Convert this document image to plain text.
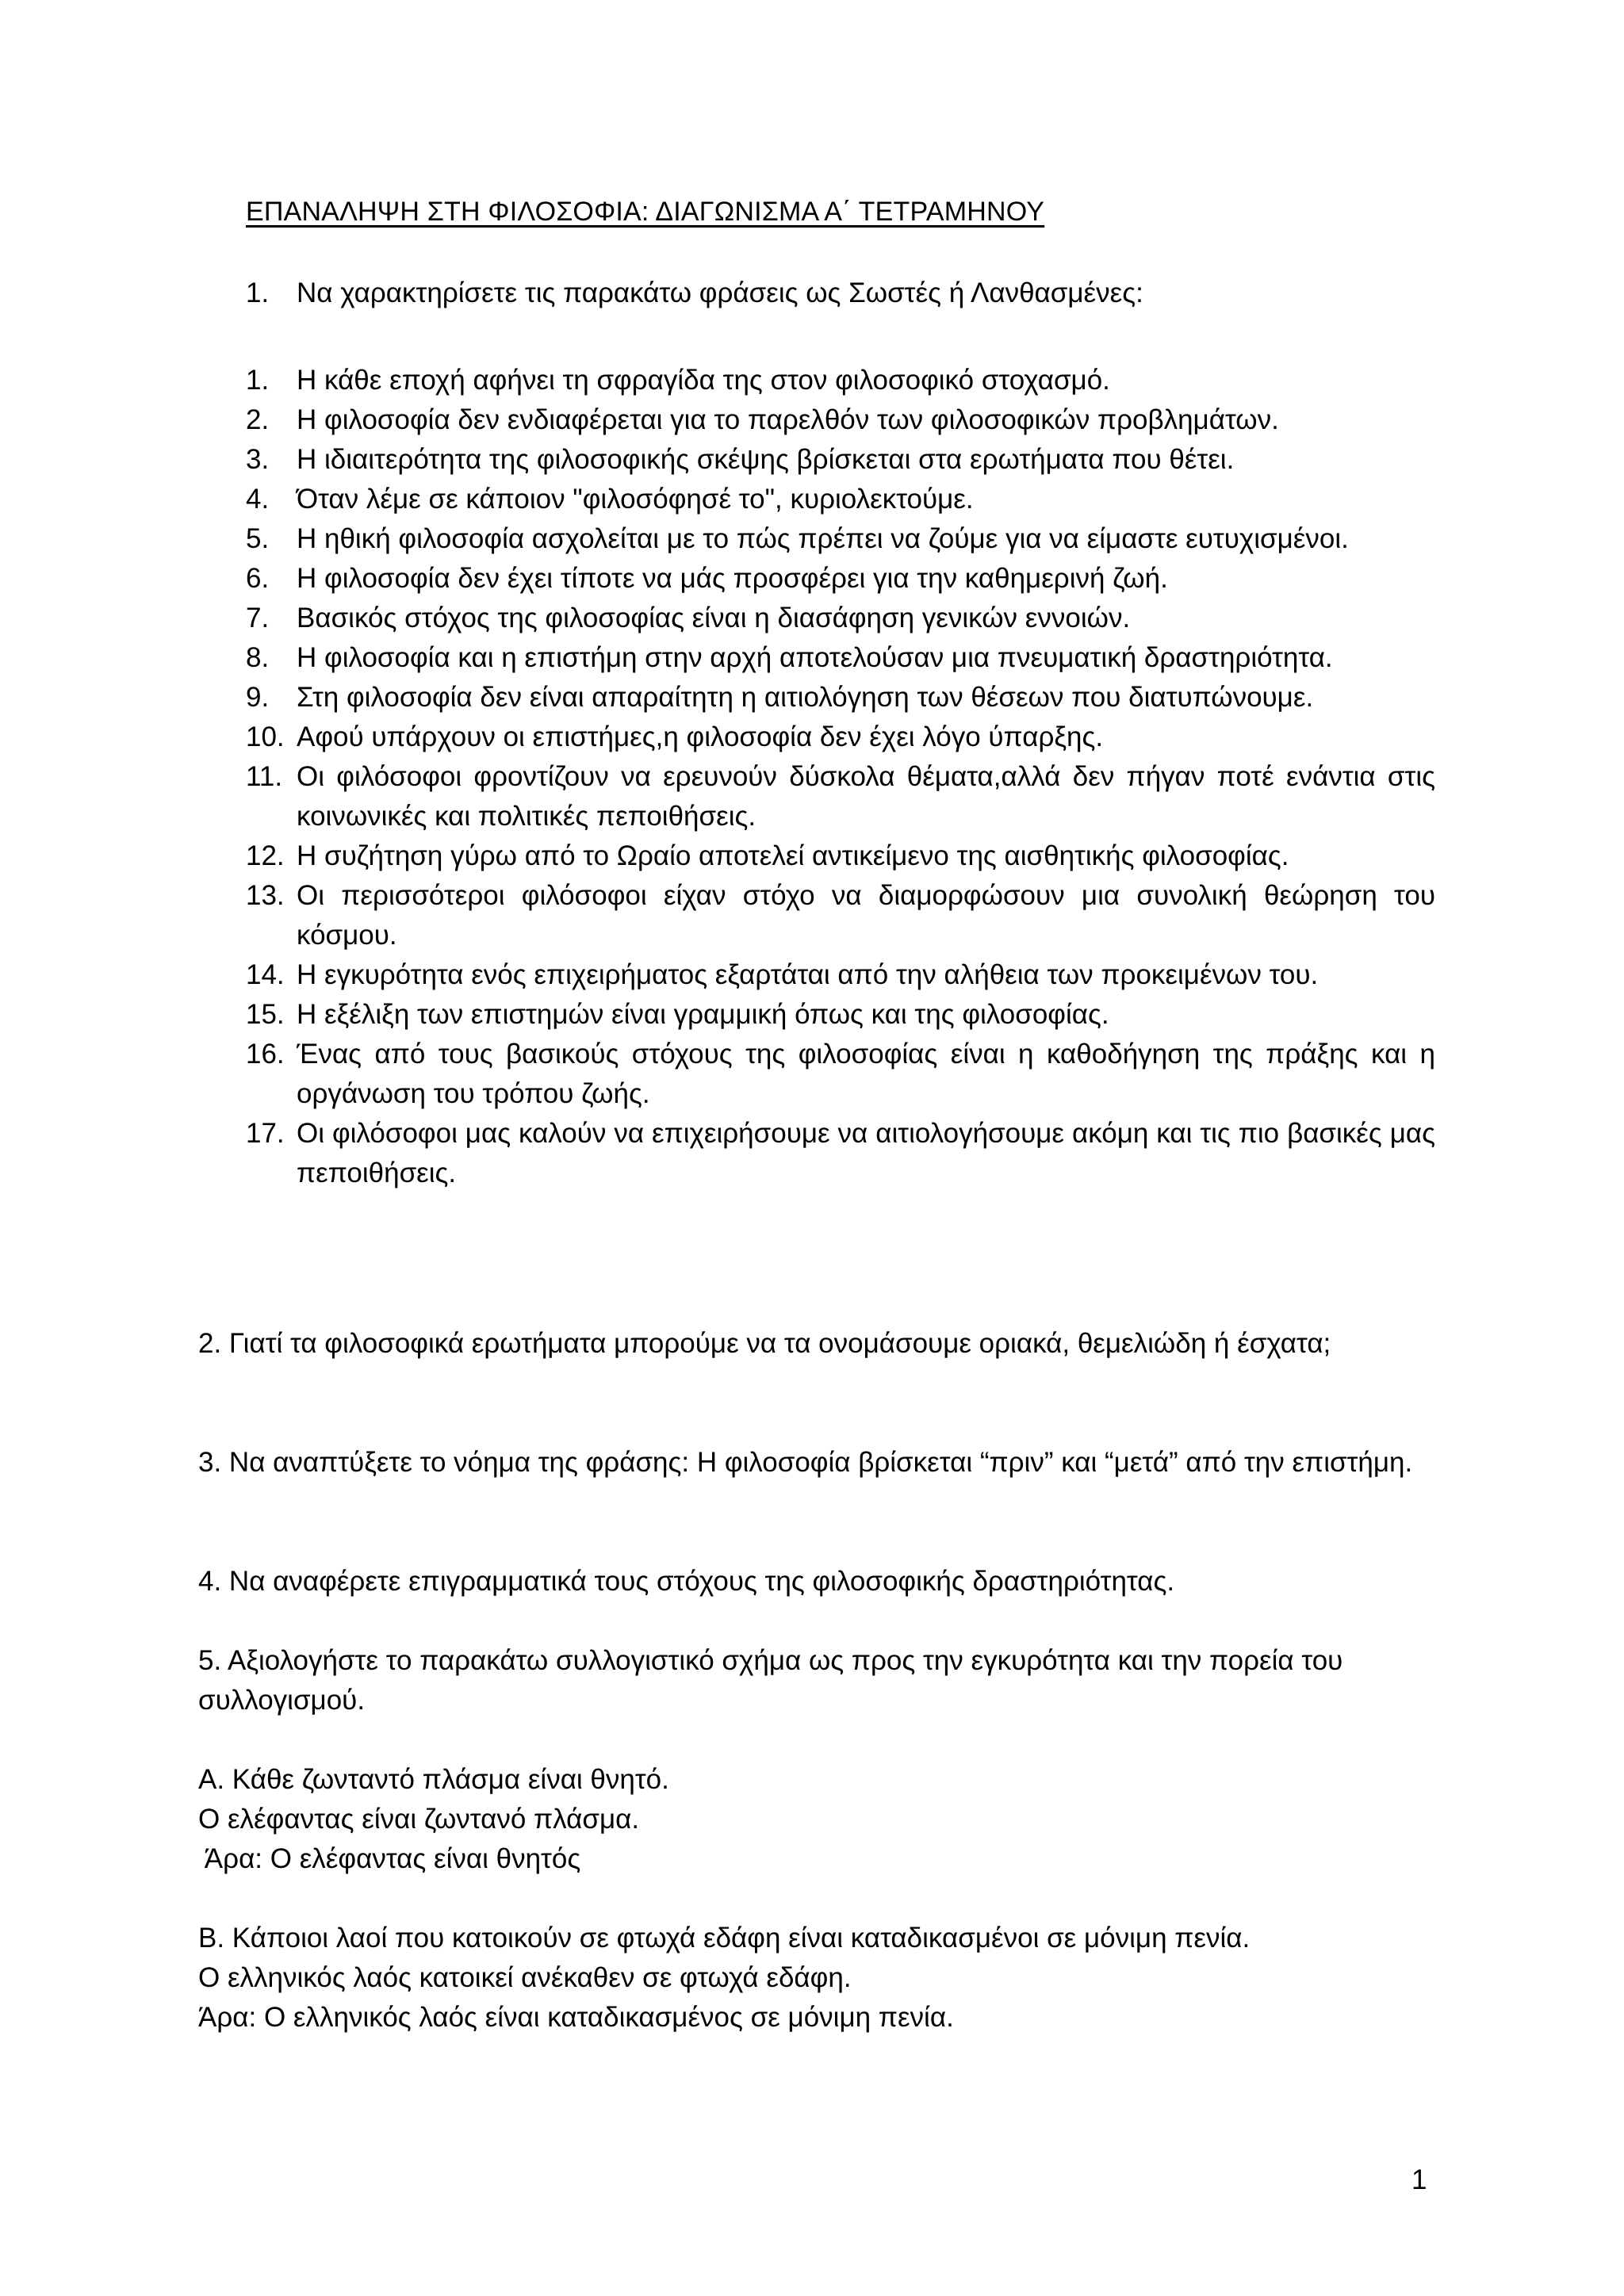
ΕΠΑΝΑΛΗΨΗ ΣΤΗ ΦΙΛΟΣΟΦΙΑ: ΔΙΑΓΩΝΙΣΜΑ Α΄ ΤΕΤΡΑΜΗΝΟΥ
1. Να χαρακτηρίσετε τις παρακάτω φράσεις ως Σωστές ή Λανθασμένες:
1. Η κάθε εποχή αφήνει τη σφραγίδα της στον φιλοσοφικό στοχασμό.
2. Η φιλοσοφία δεν ενδιαφέρεται για το παρελθόν των φιλοσοφικών προβλημάτων.
3. Η ιδιαιτερότητα της φιλοσοφικής σκέψης βρίσκεται στα ερωτήματα που θέτει.
4. Όταν λέμε σε κάποιον "φιλοσόφησέ το", κυριολεκτούμε.
5. Η ηθική φιλοσοφία ασχολείται με το πώς πρέπει να ζούμε για να είμαστε ευτυχισμένοι.
6. Η φιλοσοφία δεν έχει τίποτε να μάς προσφέρει για την καθημερινή ζωή.
7. Βασικός στόχος της φιλοσοφίας είναι η διασάφηση γενικών εννοιών.
8. Η φιλοσοφία και η επιστήμη στην αρχή αποτελούσαν μια πνευματική δραστηριότητα.
9. Στη φιλοσοφία δεν είναι απαραίτητη η αιτιολόγηση των θέσεων που διατυπώνουμε.
10. Αφού υπάρχουν οι επιστήμες,η φιλοσοφία δεν έχει λόγο ύπαρξης.
11. Οι φιλόσοφοι φροντίζουν να ερευνούν δύσκολα θέματα,αλλά δεν πήγαν ποτέ ενάντια στις κοινωνικές και πολιτικές πεποιθήσεις.
12. Η συζήτηση γύρω από το Ωραίο αποτελεί αντικείμενο της αισθητικής φιλοσοφίας.
13. Οι περισσότεροι φιλόσοφοι είχαν στόχο να διαμορφώσουν μια συνολική θεώρηση του κόσμου.
14. Η εγκυρότητα ενός επιχειρήματος εξαρτάται από την αλήθεια των προκειμένων του.
15. Η εξέλιξη των επιστημών είναι γραμμική όπως και της φιλοσοφίας.
16. Ένας από τους βασικούς στόχους της φιλοσοφίας είναι η καθοδήγηση της πράξης και η οργάνωση του τρόπου ζωής.
17. Οι φιλόσοφοι μας καλούν να επιχειρήσουμε να αιτιολογήσουμε ακόμη και τις πιο βασικές μας πεποιθήσεις.
2. Γιατί τα φιλοσοφικά ερωτήματα μπορούμε να τα ονομάσουμε οριακά, θεμελιώδη ή έσχατα;
3. Να αναπτύξετε το νόημα της φράσης: Η φιλοσοφία βρίσκεται “πριν” και “μετά” από την επιστήμη.
4. Να αναφέρετε επιγραμματικά τους στόχους της φιλοσοφικής δραστηριότητας.
5. Αξιολογήστε το παρακάτω συλλογιστικό σχήμα ως προς την εγκυρότητα και την πορεία του συλλογισμού.
Α. Κάθε ζωνταντό πλάσμα είναι θνητό.
Ο ελέφαντας είναι ζωντανό πλάσμα.
Άρα: Ο ελέφαντας είναι θνητός
Β. Κάποιοι λαοί που κατοικούν σε φτωχά εδάφη είναι καταδικασμένοι σε μόνιμη πενία.
Ο ελληνικός λαός κατοικεί ανέκαθεν σε φτωχά εδάφη.
Άρα: Ο ελληνικός λαός είναι καταδικασμένος σε μόνιμη πενία.
1
